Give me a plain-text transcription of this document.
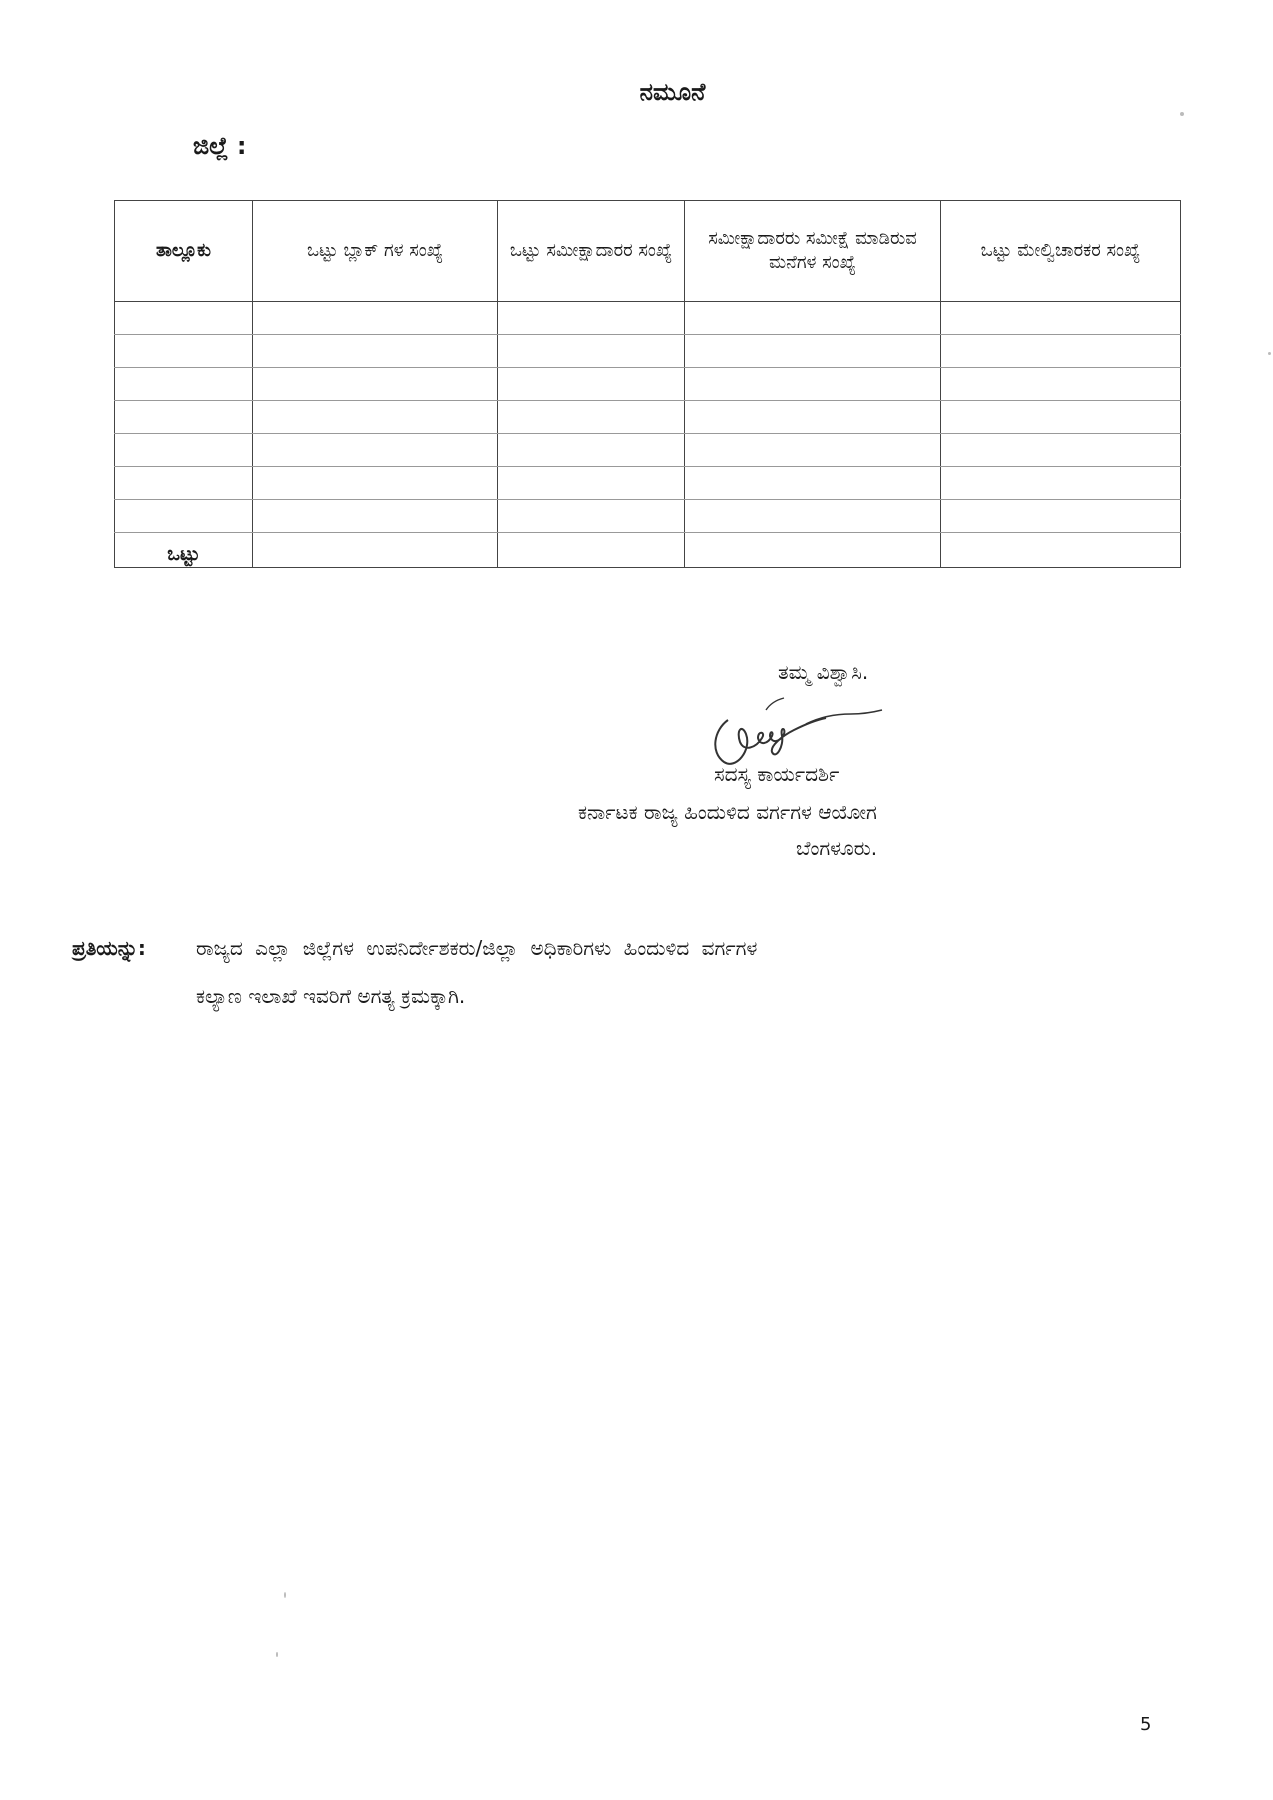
ನಮೂನೆ
ಜಿಲ್ಲೆ :
ತಾಲ್ಲೂಕು	ಒಟ್ಟು ಬ್ಲಾಕ್ ಗಳ ಸಂಖ್ಯೆ	ಒಟ್ಟು ಸಮೀಕ್ಷಾದಾರರ ಸಂಖ್ಯೆ	ಸಮೀಕ್ಷಾದಾರರು ಸಮೀಕ್ಷೆ ಮಾಡಿರುವ ಮನೆಗಳ ಸಂಖ್ಯೆ	ಒಟ್ಟು ಮೇಲ್ವಿಚಾರಕರ ಸಂಖ್ಯೆ

ಒಟ್ಟು				
ತಮ್ಮ ವಿಶ್ವಾಸಿ.
ಸದಸ್ಯ ಕಾರ್ಯದರ್ಶಿ
ಕರ್ನಾಟಕ ರಾಜ್ಯ ಹಿಂದುಳಿದ ವರ್ಗಗಳ ಆಯೋಗ
ಬೆಂಗಳೂರು.
ಪ್ರತಿಯನ್ನು:	ರಾಜ್ಯದ ಎಲ್ಲಾ ಜಿಲ್ಲೆಗಳ ಉಪನಿರ್ದೇಶಕರು/ಜಿಲ್ಲಾ ಅಧಿಕಾರಿಗಳು ಹಿಂದುಳಿದ ವರ್ಗಗಳ
ಕಲ್ಯಾಣ ಇಲಾಖೆ ಇವರಿಗೆ ಅಗತ್ಯ ಕ್ರಮಕ್ಕಾಗಿ.
5
